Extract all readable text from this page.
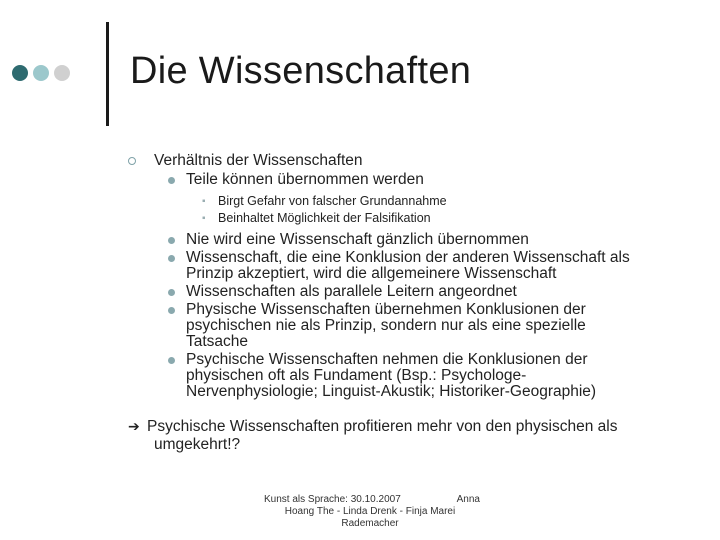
Die Wissenschaften
Verhältnis der Wissenschaften
Teile können übernommen werden
▪ Birgt Gefahr von falscher Grundannahme
▪ Beinhaltet Möglichkeit der Falsifikation
Nie wird eine Wissenschaft gänzlich übernommen
Wissenschaft, die eine Konklusion der anderen Wissenschaft als
Prinzip akzeptiert, wird die allgemeinere Wissenschaft
Wissenschaften als parallele Leitern angeordnet
Physische Wissenschaften übernehmen Konklusionen der
psychischen nie als Prinzip, sondern nur als eine spezielle
Tatsache
Psychische Wissenschaften nehmen die Konklusionen der
physischen oft als Fundament (Bsp.: Psychologe-
Nervenphysiologie; Linguist-Akustik; Historiker-Geographie)
➔ Psychische Wissenschaften profitieren mehr von den physischen als
umgekehrt!?
Kunst als Sprache: 30.10.2007	Anna
Hoang The - Linda Drenk - Finja Marei
Rademacher
